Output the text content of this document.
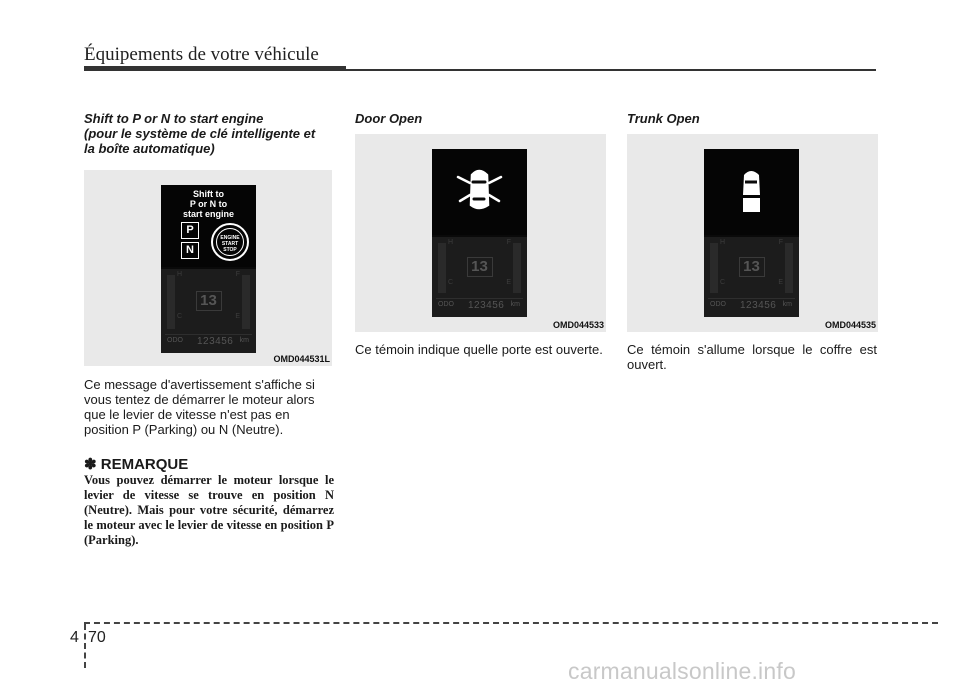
Équipements de votre véhicule
Shift to P or N to start engine
(pour le système de clé intelligente et
la boîte automatique)
Shift to
P or N to
start engine
P
N
ENGINE
START
STOP
H	F
C	E
13
ODO 123456 km
OMD044531L
Ce message d'avertissement s'affiche si
vous tentez de démarrer le moteur alors
que le levier de vitesse n'est pas en
position P (Parking) ou N (Neutre).
✽ REMARQUE
Vous pouvez démarrer le moteur lorsque le levier de vitesse se trouve en position N (Neutre). Mais pour votre sécurité, démarrez le moteur avec le levier de vitesse en position P (Parking).
Door Open
H	F
C	E
13
ODO 123456 km
OMD044533
Ce témoin indique quelle porte est ouverte.
Trunk Open
H	F
C	E
13
ODO 123456 km
OMD044535
Ce témoin s'allume lorsque le coffre est ouvert.
4 70
carmanualsonline.info
